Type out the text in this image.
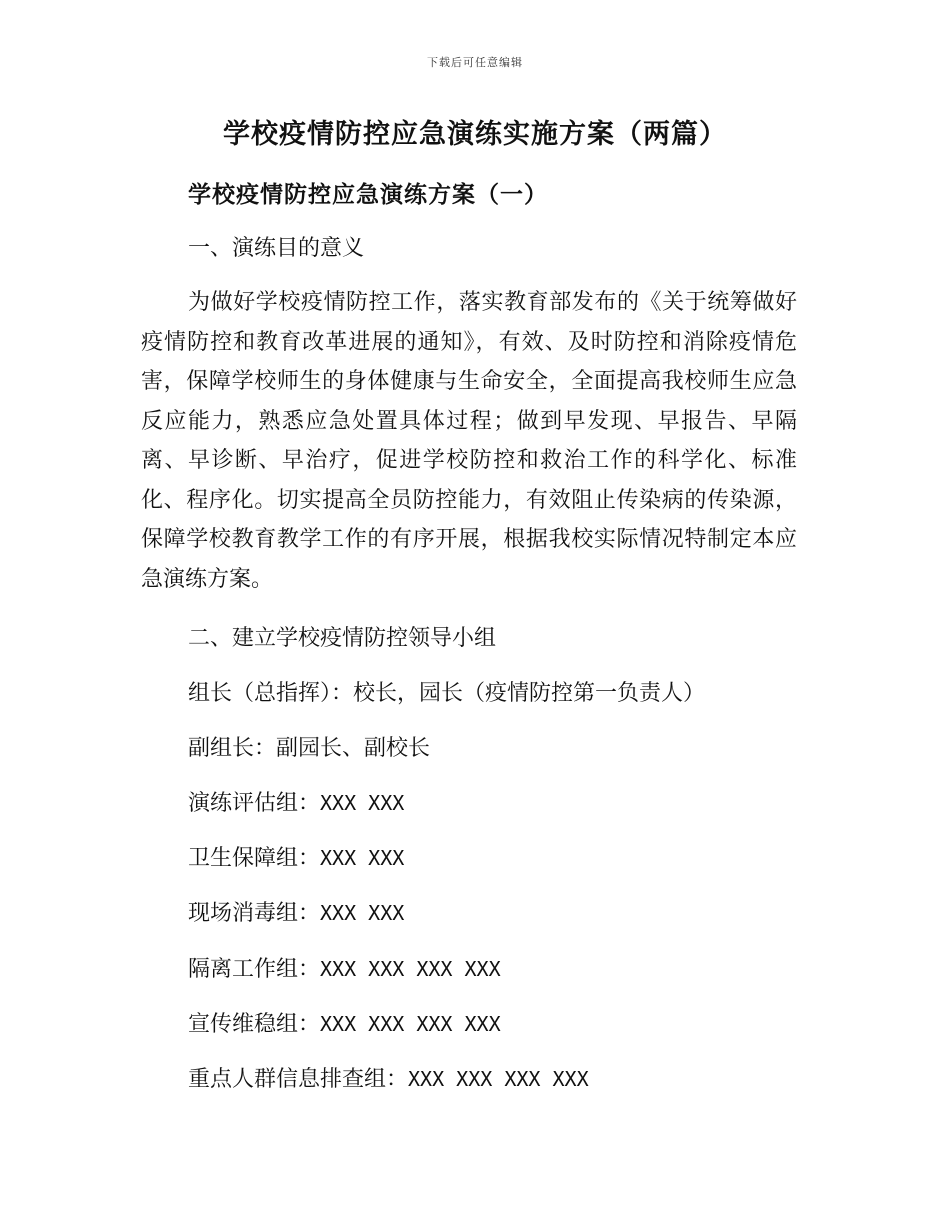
下载后可任意编辑
学校疫情防控应急演练实施方案（两篇）
学校疫情防控应急演练方案（一）
一、演练目的意义
为做好学校疫情防控工作，落实教育部发布的《关于统筹做好疫情防控和教育改革进展的通知》，有效、及时防控和消除疫情危害，保障学校师生的身体健康与生命安全，全面提高我校师生应急反应能力，熟悉应急处置具体过程；做到早发现、早报告、早隔离、早诊断、早治疗，促进学校防控和救治工作的科学化、标准化、程序化。切实提高全员防控能力，有效阻止传染病的传染源，保障学校教育教学工作的有序开展，根据我校实际情况特制定本应急演练方案。
二、建立学校疫情防控领导小组
组长（总指挥）：校长，园长（疫情防控第一负责人）
副组长：副园长、副校长
演练评估组：XXX XXX
卫生保障组：XXX XXX
现场消毒组：XXX XXX
隔离工作组：XXX XXX XXX XXX
宣传维稳组：XXX XXX XXX XXX
重点人群信息排查组：XXX XXX XXX XXX
